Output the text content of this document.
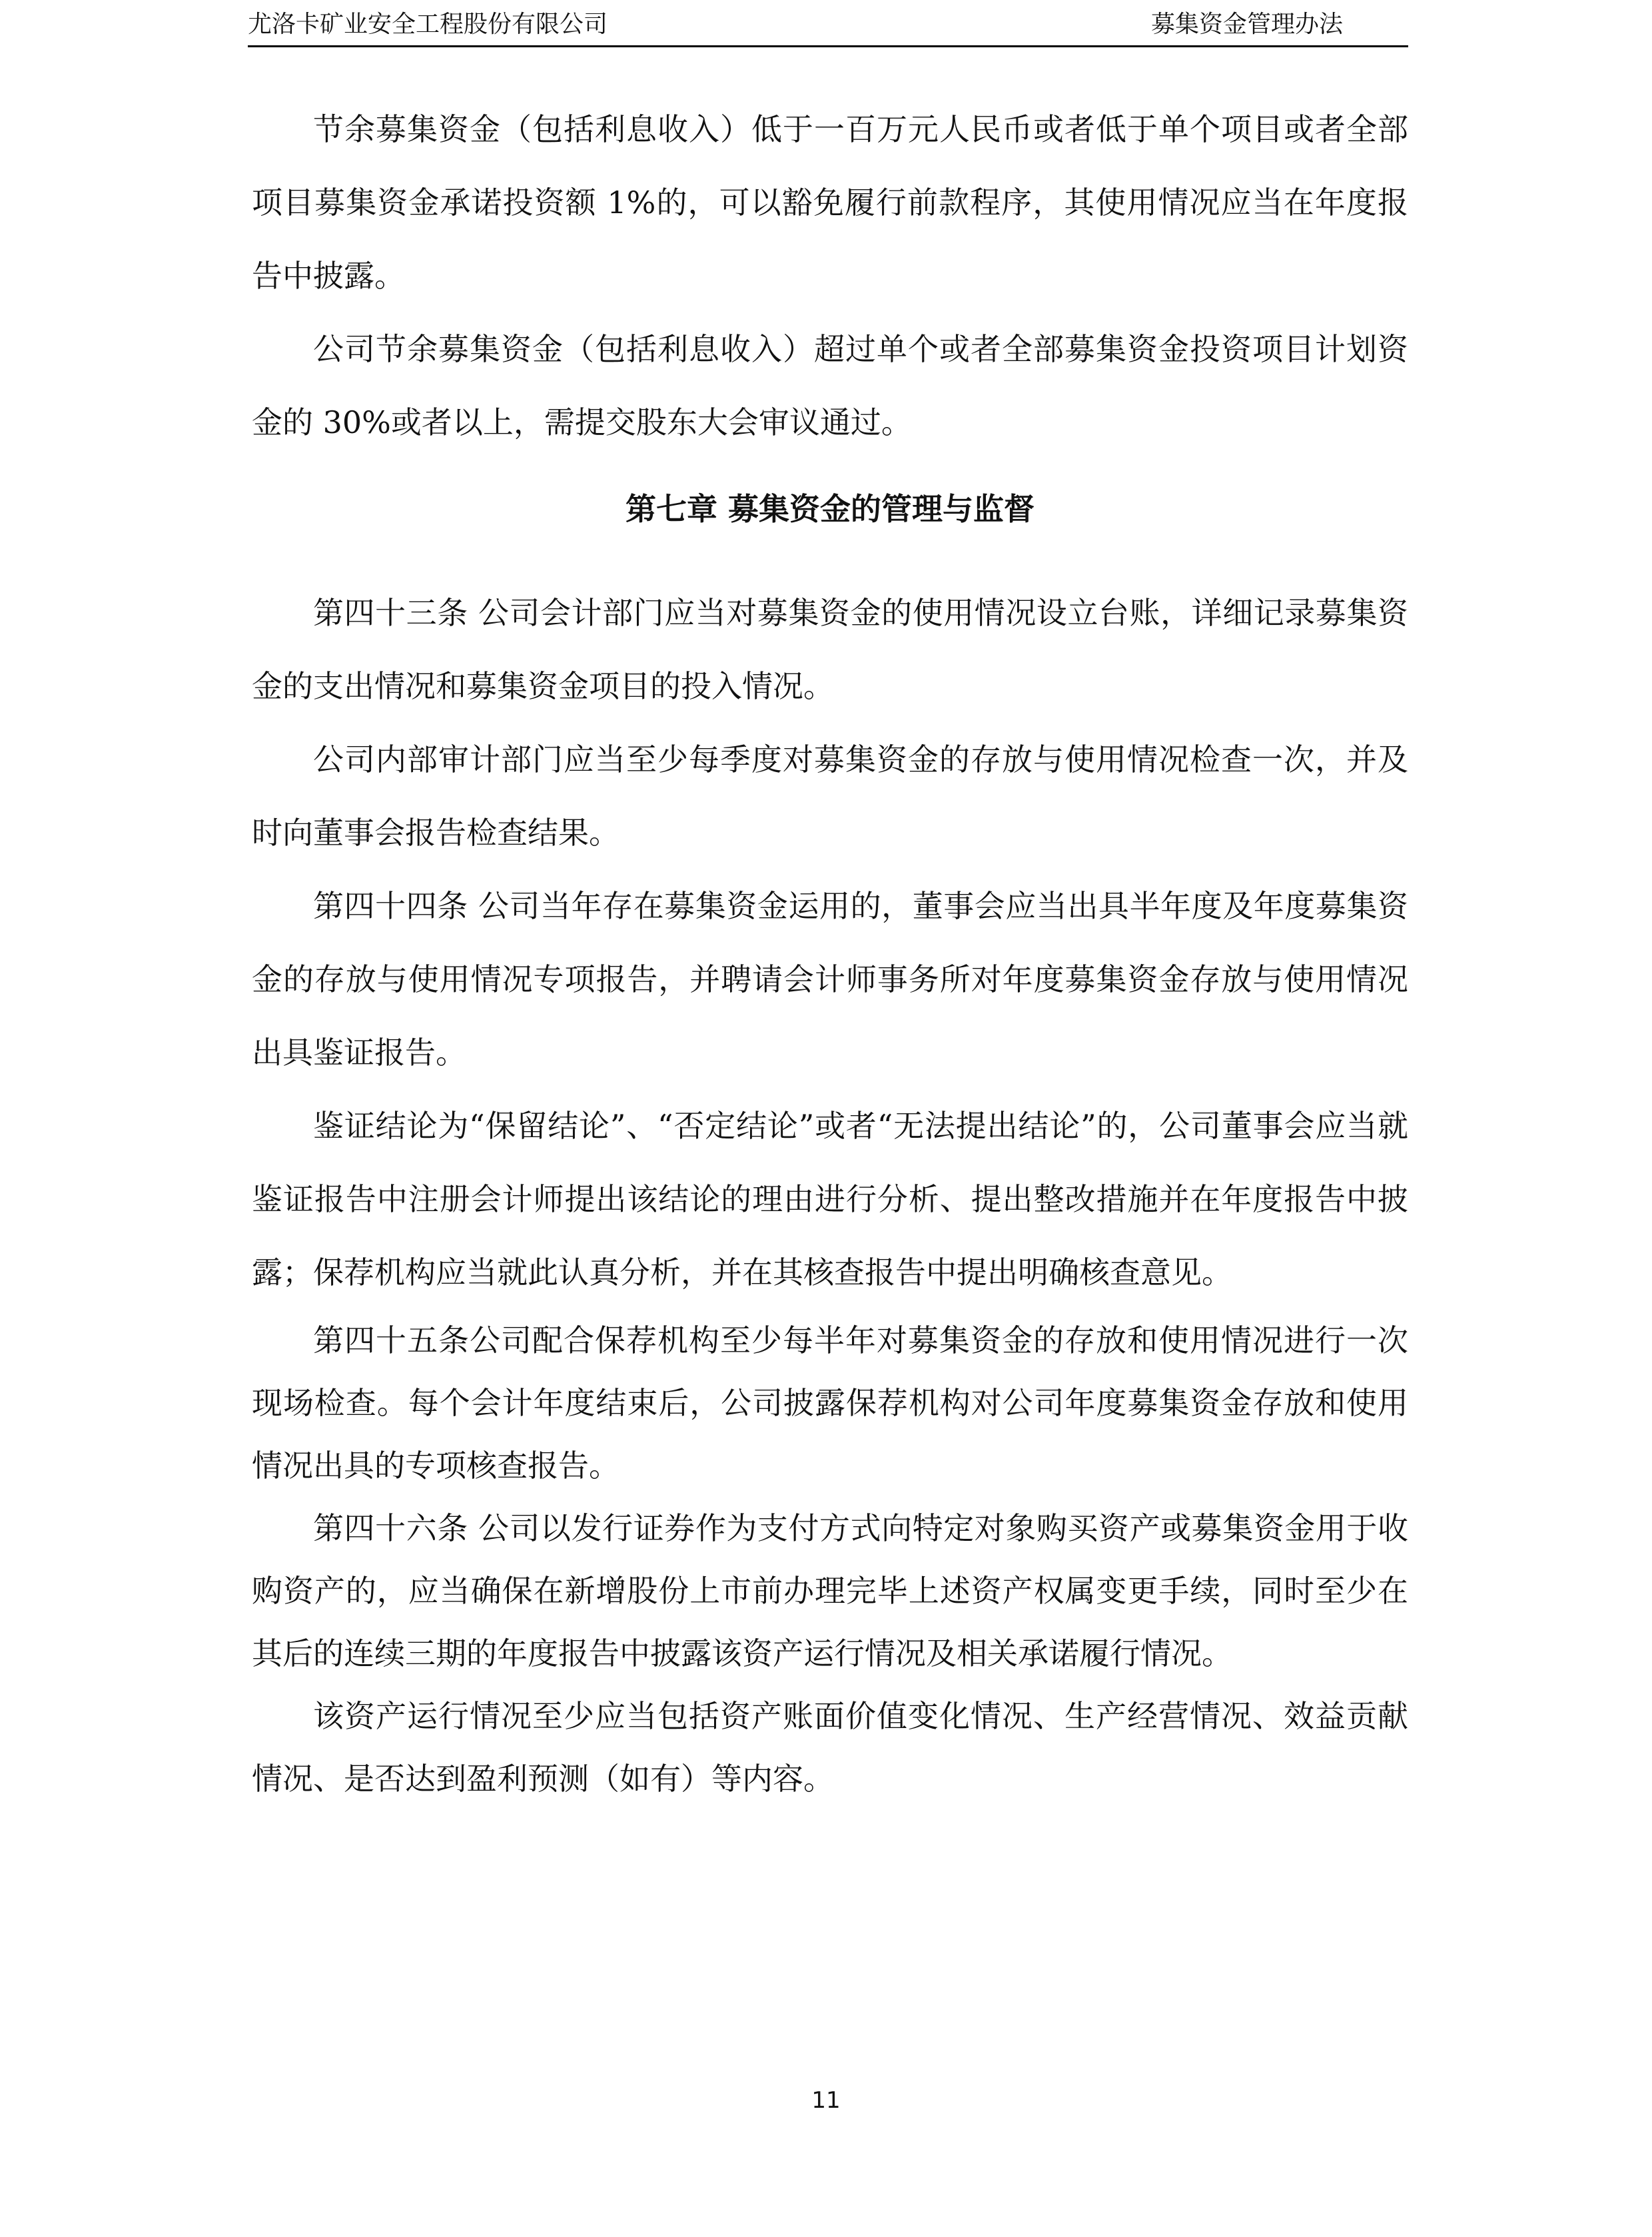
尤洛卡矿业安全工程股份有限公司	募集资金管理办法

节余募集资金（包括利息收入）低于一百万元人民币或者低于单个项目或者全部项目募集资金承诺投资额 1%的，可以豁免履行前款程序，其使用情况应当在年度报告中披露。

公司节余募集资金（包括利息收入）超过单个或者全部募集资金投资项目计划资金的 30%或者以上，需提交股东大会审议通过。

第七章 募集资金的管理与监督

第四十三条 公司会计部门应当对募集资金的使用情况设立台账，详细记录募集资金的支出情况和募集资金项目的投入情况。

公司内部审计部门应当至少每季度对募集资金的存放与使用情况检查一次，并及时向董事会报告检查结果。

第四十四条 公司当年存在募集资金运用的，董事会应当出具半年度及年度募集资金的存放与使用情况专项报告，并聘请会计师事务所对年度募集资金存放与使用情况出具鉴证报告。

鉴证结论为“保留结论”、“否定结论”或者“无法提出结论”的，公司董事会应当就鉴证报告中注册会计师提出该结论的理由进行分析、提出整改措施并在年度报告中披露；保荐机构应当就此认真分析，并在其核查报告中提出明确核查意见。

第四十五条公司配合保荐机构至少每半年对募集资金的存放和使用情况进行一次现场检查。每个会计年度结束后，公司披露保荐机构对公司年度募集资金存放和使用情况出具的专项核查报告。

第四十六条 公司以发行证券作为支付方式向特定对象购买资产或募集资金用于收购资产的，应当确保在新增股份上市前办理完毕上述资产权属变更手续，同时至少在其后的连续三期的年度报告中披露该资产运行情况及相关承诺履行情况。

该资产运行情况至少应当包括资产账面价值变化情况、生产经营情况、效益贡献情况、是否达到盈利预测（如有）等内容。

11
